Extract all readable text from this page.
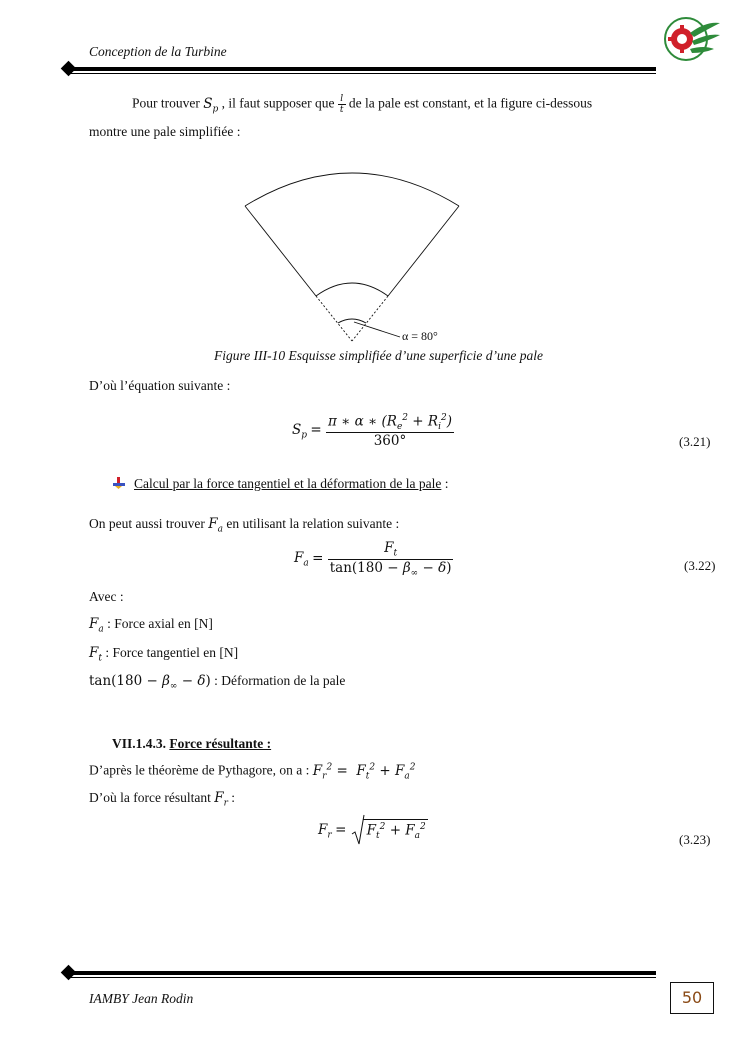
Conception de la Turbine
Pour trouver $S_p$ , il faut supposer que $\frac{l}{t}$ de la pale est constant, et la figure ci-dessous
montre une pale simplifiée :
α = 80°
Figure III-10 Esquisse simplifiée d’une superficie d’une pale
D’où l’équation suivante :
$S_p = \frac{\pi ∗ \alpha ∗ (R_e^2 + R_i^2)}{360^\circ}$	(3.21)
Calcul par la force tangentiel et la déformation de la pale :
On peut aussi trouver $F_a$ en utilisant la relation suivante :
$F_a = \frac{F_t}{\tan(180 - \beta_\infty - \delta)}$	(3.22)
Avec :
$F_a$ : Force axial en [N]
$F_t$ : Force tangentiel en [N]
$\tan(180 - \beta_\infty - \delta)$ : Déformation de la pale
VII.1.4.3. Force résultante :
D’après le théorème de Pythagore, on a : $F_r^2 = F_t^2 + F_a^2$
D’où la force résultant $F_r$ :
$F_r$ =
$F_t^2 + F_a^2$
(3.23)
IAMBY Jean Rodin	50
